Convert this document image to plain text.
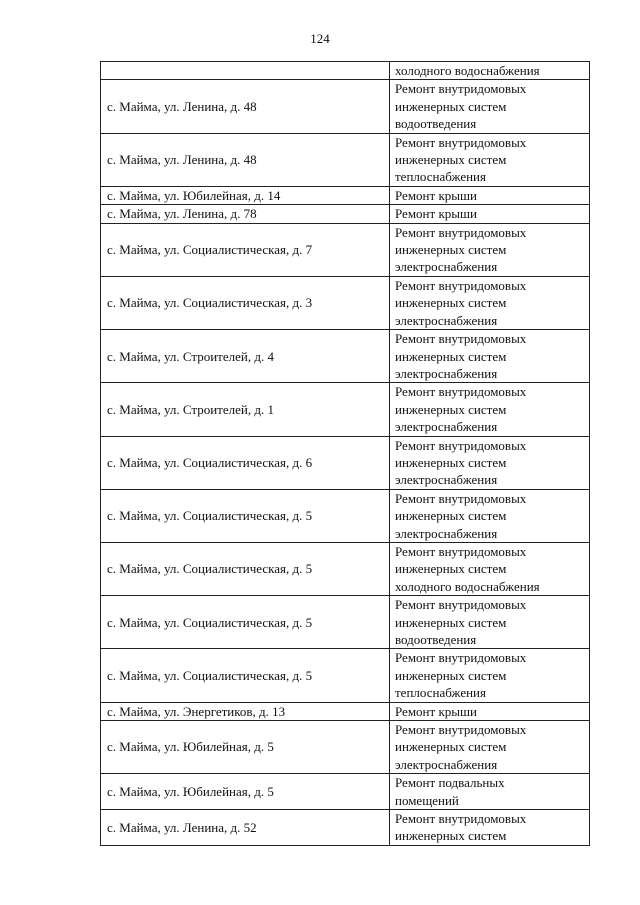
124

	холодного водоснабжения

с. Майма, ул. Ленина, д. 48	Ремонт внутридомовых
инженерных систем
водоотведения

с. Майма, ул. Ленина, д. 48	Ремонт внутридомовых
инженерных систем
теплоснабжения

с. Майма, ул. Юбилейная, д. 14	Ремонт крыши

с. Майма, ул. Ленина, д. 78	Ремонт крыши

с. Майма, ул. Социалистическая, д. 7	Ремонт внутридомовых
инженерных систем
электроснабжения

с. Майма, ул. Социалистическая, д. 3	Ремонт внутридомовых
инженерных систем
электроснабжения

с. Майма, ул. Строителей, д. 4	Ремонт внутридомовых
инженерных систем
электроснабжения

с. Майма, ул. Строителей, д. 1	Ремонт внутридомовых
инженерных систем
электроснабжения

с. Майма, ул. Социалистическая, д. 6	Ремонт внутридомовых
инженерных систем
электроснабжения

с. Майма, ул. Социалистическая, д. 5	Ремонт внутридомовых
инженерных систем
электроснабжения

с. Майма, ул. Социалистическая, д. 5	Ремонт внутридомовых
инженерных систем
холодного водоснабжения

с. Майма, ул. Социалистическая, д. 5	Ремонт внутридомовых
инженерных систем
водоотведения

с. Майма, ул. Социалистическая, д. 5	Ремонт внутридомовых
инженерных систем
теплоснабжения

с. Майма, ул. Энергетиков, д. 13	Ремонт крыши

с. Майма, ул. Юбилейная, д. 5	Ремонт внутридомовых
инженерных систем
электроснабжения

с. Майма, ул. Юбилейная, д. 5	Ремонт подвальных
помещений

с. Майма, ул. Ленина, д. 52	Ремонт внутридомовых
инженерных систем
